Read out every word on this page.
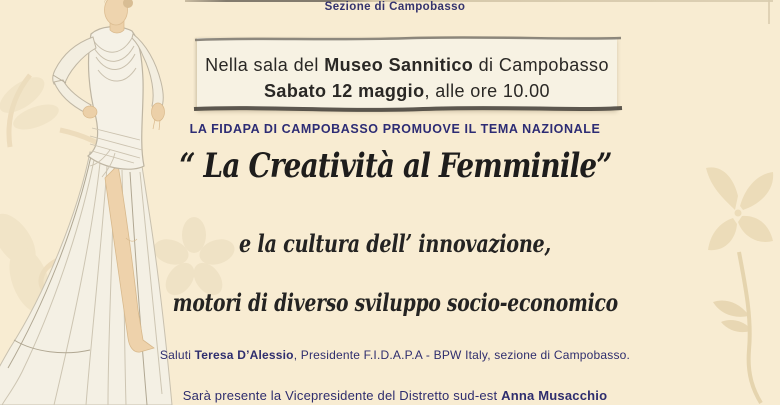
Sezione di Campobasso
Nella sala del Museo Sannitico di Campobasso
Sabato 12 maggio, alle ore 10.00
LA FIDAPA DI CAMPOBASSO PROMUOVE IL TEMA NAZIONALE
“ La Creatività al Femminile”
e la cultura dell’ innovazione,
motori di diverso sviluppo socio-economico
Saluti Teresa D’Alessio, Presidente F.I.D.A.P.A - BPW Italy, sezione di Campobasso.
Sarà presente la Vicepresidente del Distretto sud-est Anna Musacchio
